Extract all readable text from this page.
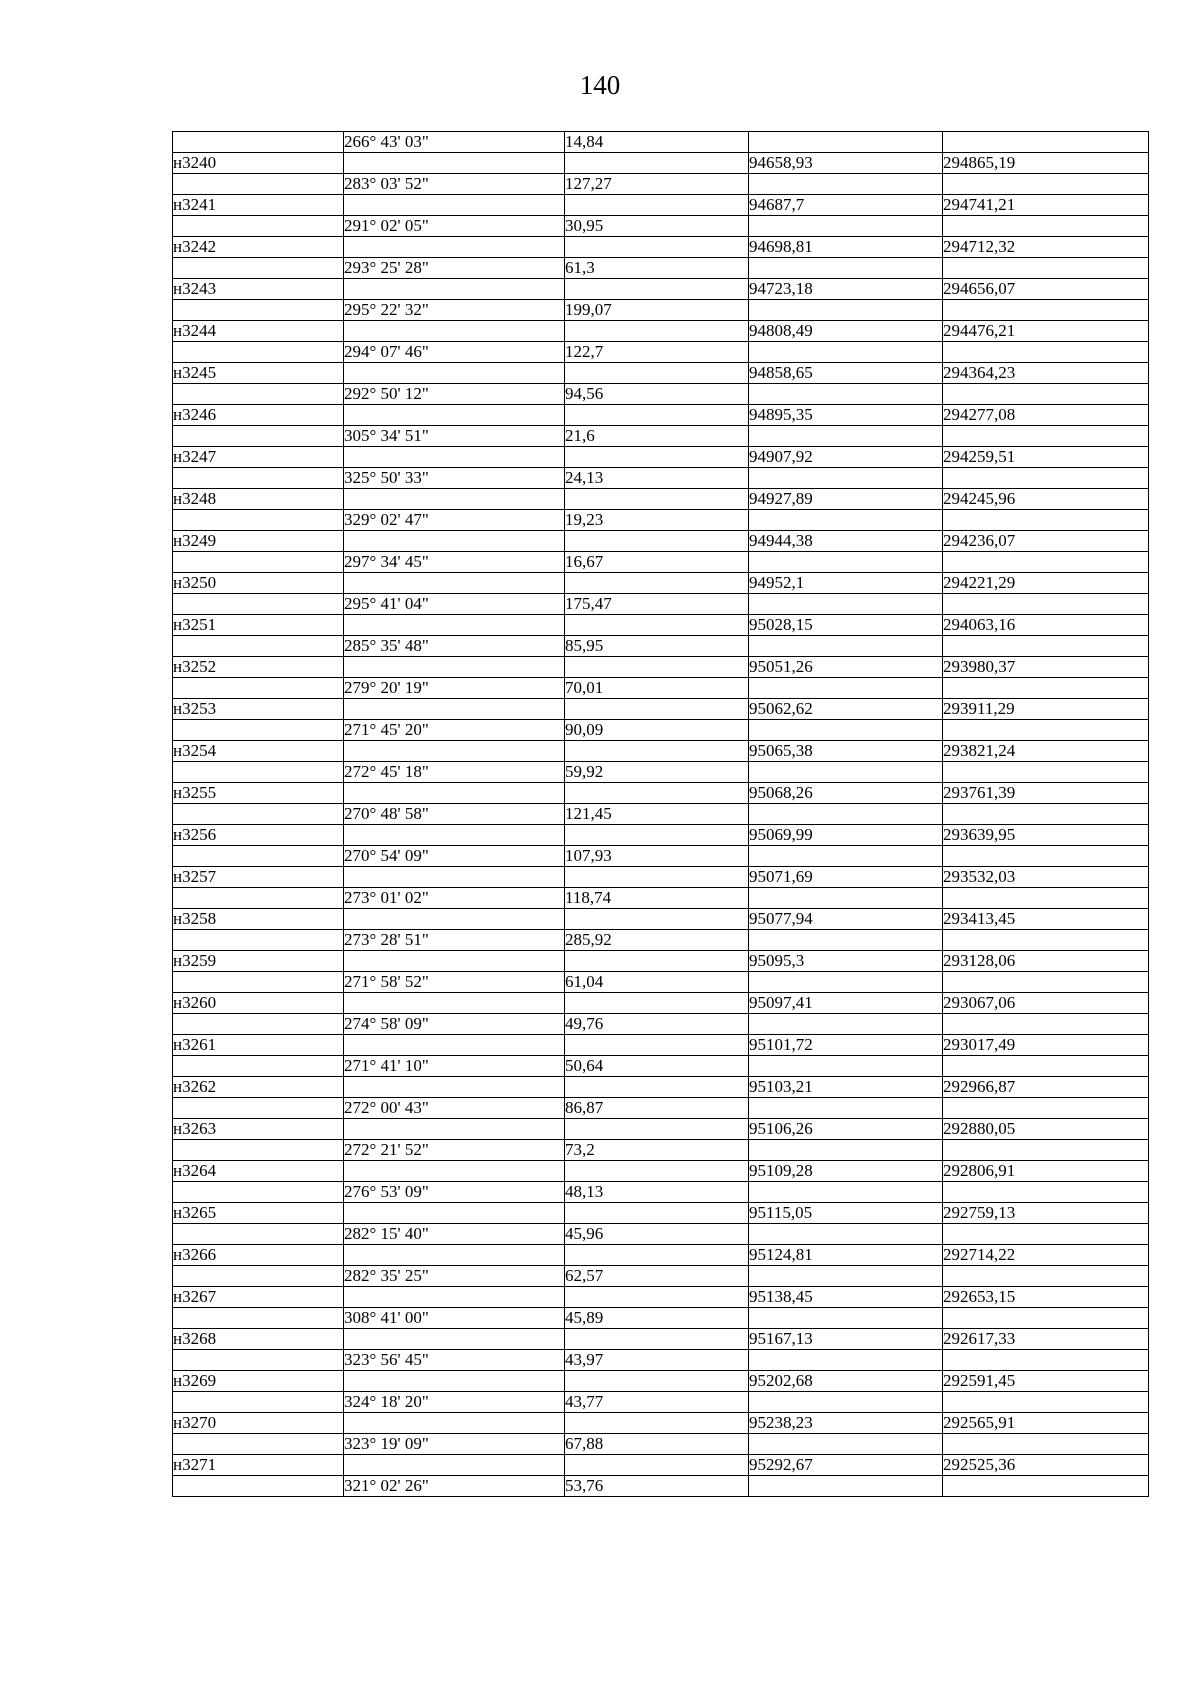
140
	266° 43' 03"	14,84		
н3240			94658,93	294865,19
	283° 03' 52"	127,27		
н3241			94687,7	294741,21
	291° 02' 05"	30,95		
н3242			94698,81	294712,32
	293° 25' 28"	61,3		
н3243			94723,18	294656,07
	295° 22' 32"	199,07		
н3244			94808,49	294476,21
	294° 07' 46"	122,7		
н3245			94858,65	294364,23
	292° 50' 12"	94,56		
н3246			94895,35	294277,08
	305° 34' 51"	21,6		
н3247			94907,92	294259,51
	325° 50' 33"	24,13		
н3248			94927,89	294245,96
	329° 02' 47"	19,23		
н3249			94944,38	294236,07
	297° 34' 45"	16,67		
н3250			94952,1	294221,29
	295° 41' 04"	175,47		
н3251			95028,15	294063,16
	285° 35' 48"	85,95		
н3252			95051,26	293980,37
	279° 20' 19"	70,01		
н3253			95062,62	293911,29
	271° 45' 20"	90,09		
н3254			95065,38	293821,24
	272° 45' 18"	59,92		
н3255			95068,26	293761,39
	270° 48' 58"	121,45		
н3256			95069,99	293639,95
	270° 54' 09"	107,93		
н3257			95071,69	293532,03
	273° 01' 02"	118,74		
н3258			95077,94	293413,45
	273° 28' 51"	285,92		
н3259			95095,3	293128,06
	271° 58' 52"	61,04		
н3260			95097,41	293067,06
	274° 58' 09"	49,76		
н3261			95101,72	293017,49
	271° 41' 10"	50,64		
н3262			95103,21	292966,87
	272° 00' 43"	86,87		
н3263			95106,26	292880,05
	272° 21' 52"	73,2		
н3264			95109,28	292806,91
	276° 53' 09"	48,13		
н3265			95115,05	292759,13
	282° 15' 40"	45,96		
н3266			95124,81	292714,22
	282° 35' 25"	62,57		
н3267			95138,45	292653,15
	308° 41' 00"	45,89		
н3268			95167,13	292617,33
	323° 56' 45"	43,97		
н3269			95202,68	292591,45
	324° 18' 20"	43,77		
н3270			95238,23	292565,91
	323° 19' 09"	67,88		
н3271			95292,67	292525,36
	321° 02' 26"	53,76		
